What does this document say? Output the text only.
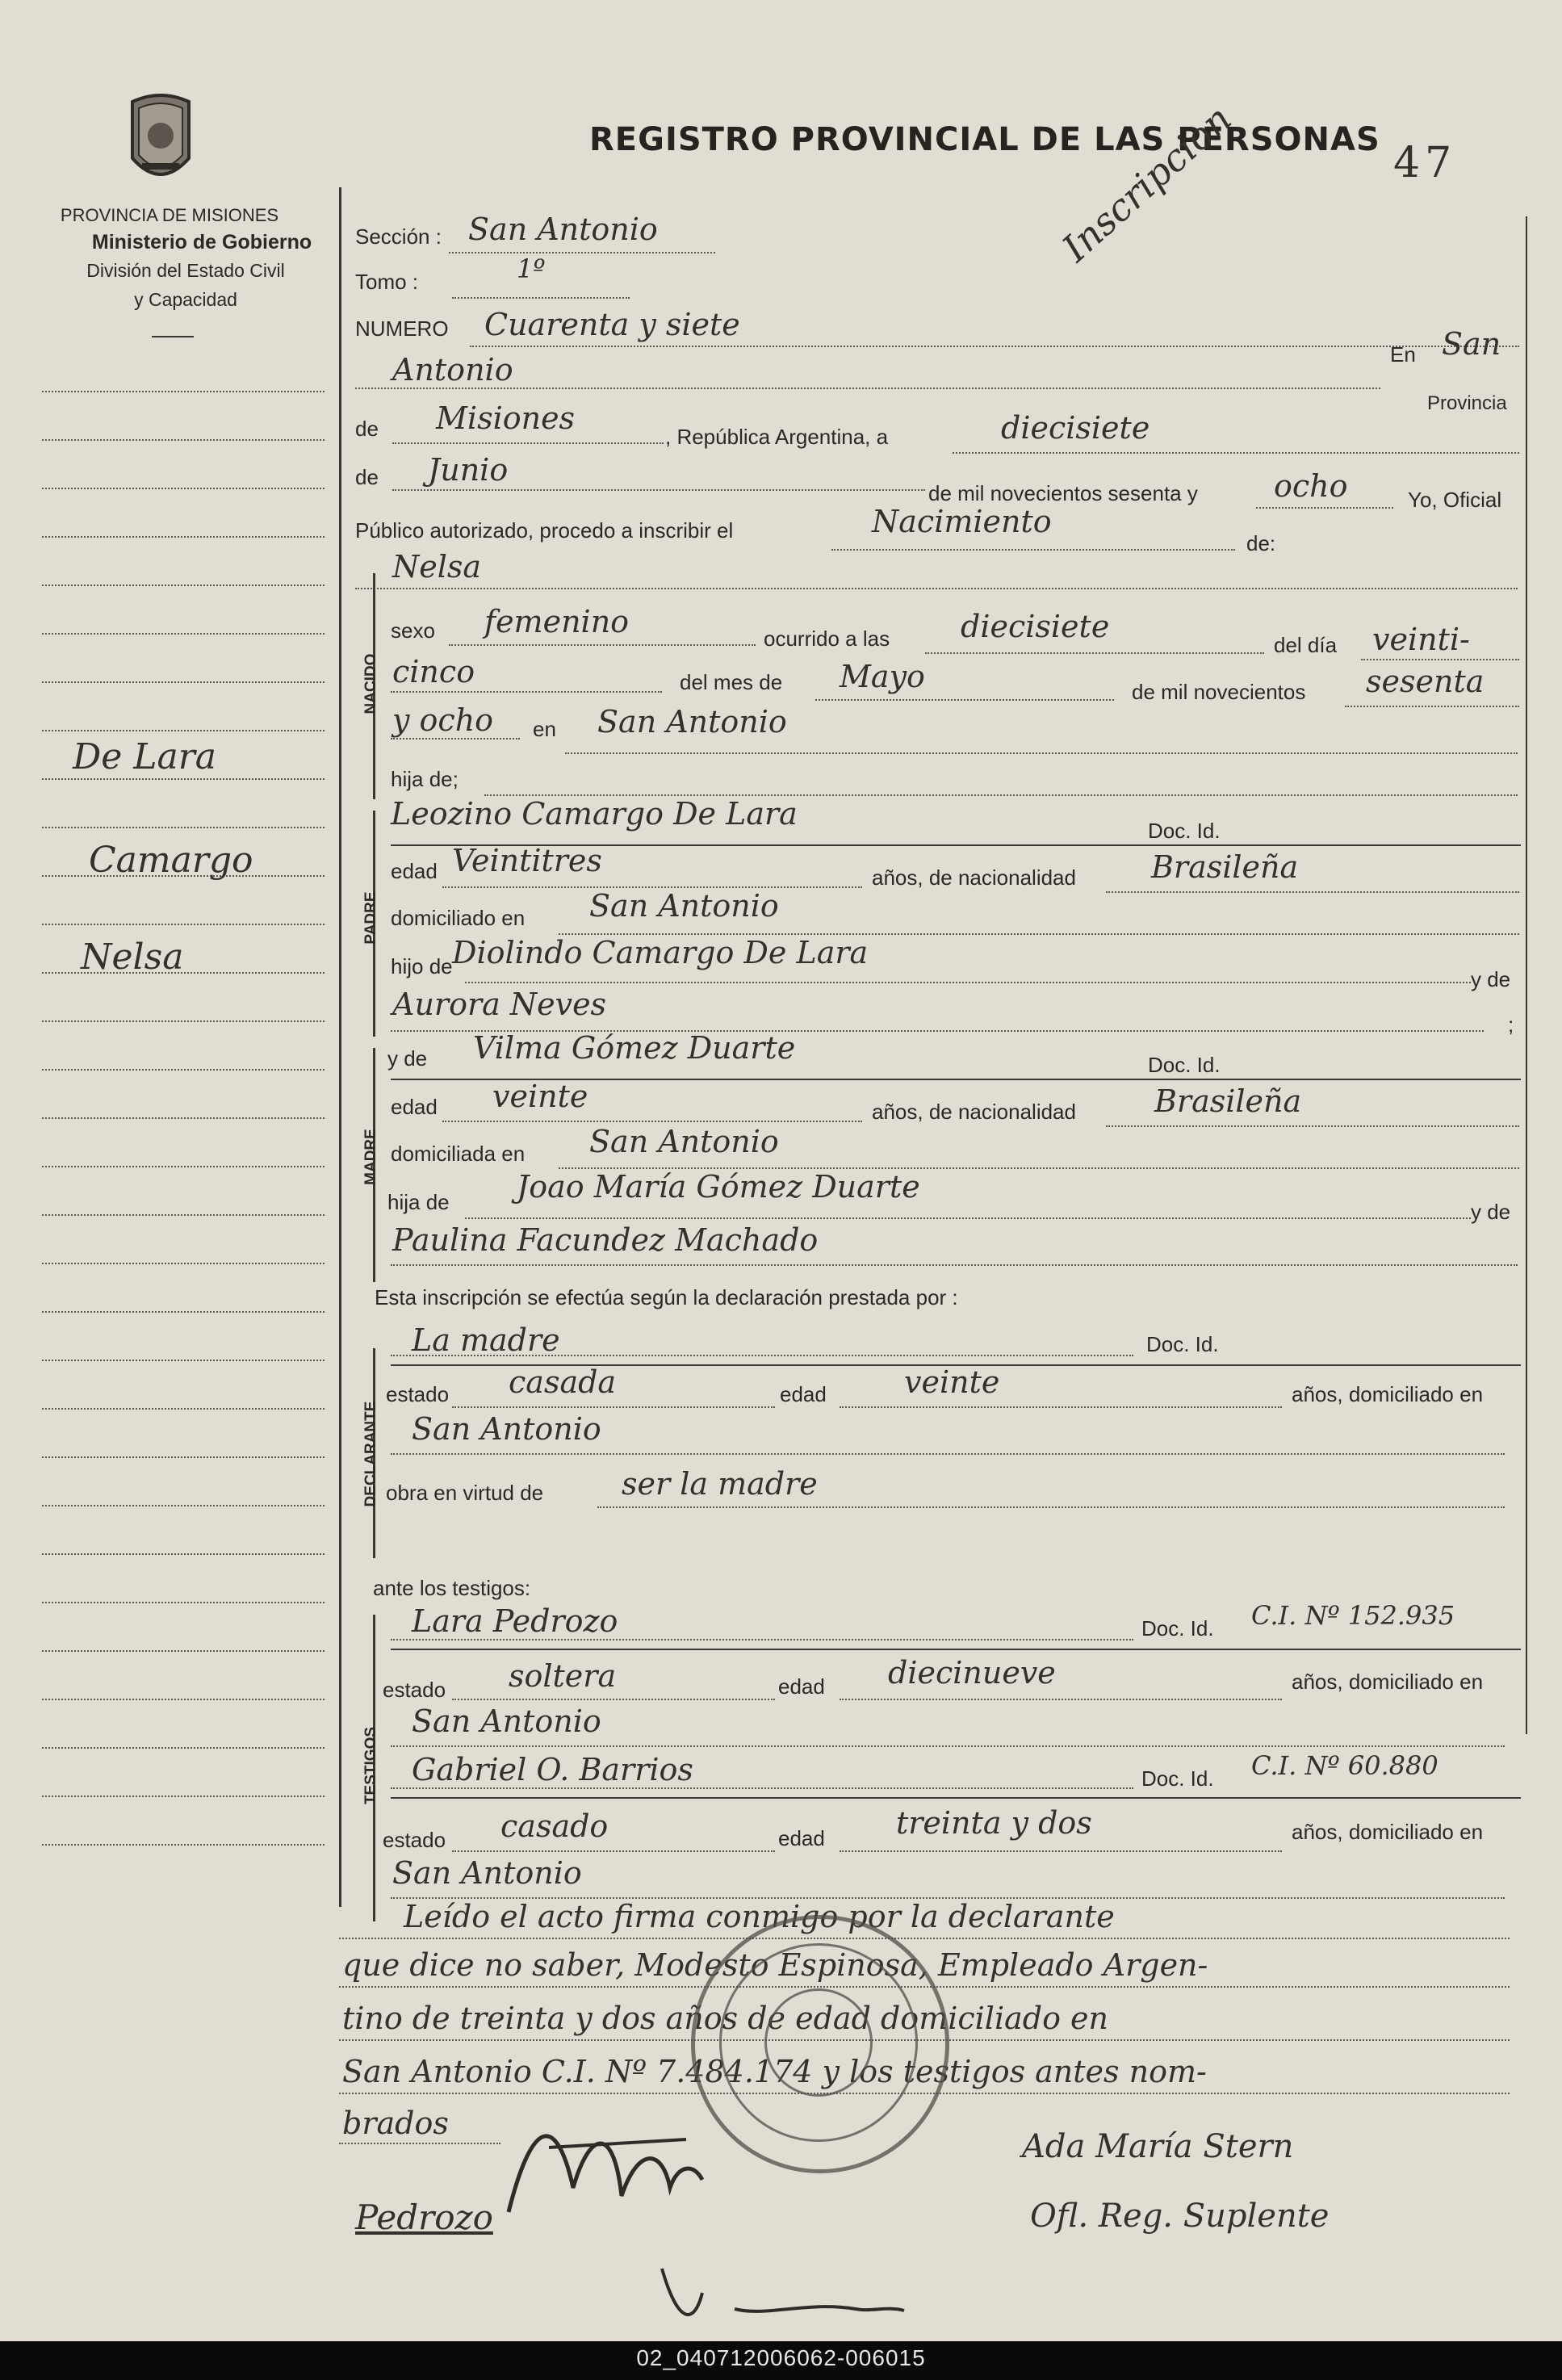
PROVINCIA DE MISIONES
Ministerio de Gobierno
División del Estado Civil
y Capacidad
REGISTRO PROVINCIAL DE LAS PERSONAS
Inscripcion	47
De Lara
Camargo
Nelsa
Sección : San Antonio
Tomo :	1º
NUMERO Cuarenta y siete
Antonio	En San
Provincia
de Misiones
, República Argentina, a	diecisiete
de Junio
de mil novecientos sesenta y ocho	Yo, Oficial
Público autorizado, procedo a inscribir el	Nacimiento
de:
Nelsa
NACIDO
sexo femenino	ocurrido a las diecisiete
del día veinti-
cinco	del mes de Mayo	de mil novecientos sesenta
y ocho en San Antonio
hija de;
PADRE
Leozino Camargo De Lara	Doc. Id.
edad Veintitres	años, de nacionalidad Brasileña
domiciliado en San Antonio
hijo de Diolindo Camargo De Lara
y de
Aurora Neves
;
MADRE
y de Vilma Gómez Duarte	Doc. Id.
edad veinte	años, de nacionalidad	Brasileña
domiciliada en San Antonio
hija de Joao María Gómez Duarte
y de
Paulina Facundez Machado
Esta inscripción se efectúa según la declaración prestada por :
DECLARANTE
La madre	Doc. Id.
estado casada	edad	veinte	años, domiciliado en
San Antonio
obra en virtud de	ser la madre
ante los testigos:
TESTIGOS
Lara Pedrozo	Doc. Id. C.I. Nº 152.935
estado soltera	edad diecinueve	años, domiciliado en
San Antonio
Gabriel O. Barrios	Doc. Id. C.I. Nº 60.880
estado casado	edad treinta y dos	años, domiciliado en
San Antonio
Leído el acto firma conmigo por la declarante
que dice no saber, Modesto Espinosa, Empleado Argen-
tino de treinta y dos años de edad domiciliado en
San Antonio C.I. Nº 7.484.174 y los testigos antes nom-
brados
Ada María Stern
Ofl. Reg. Suplente
Pedrozo
02_040712006062-006015
